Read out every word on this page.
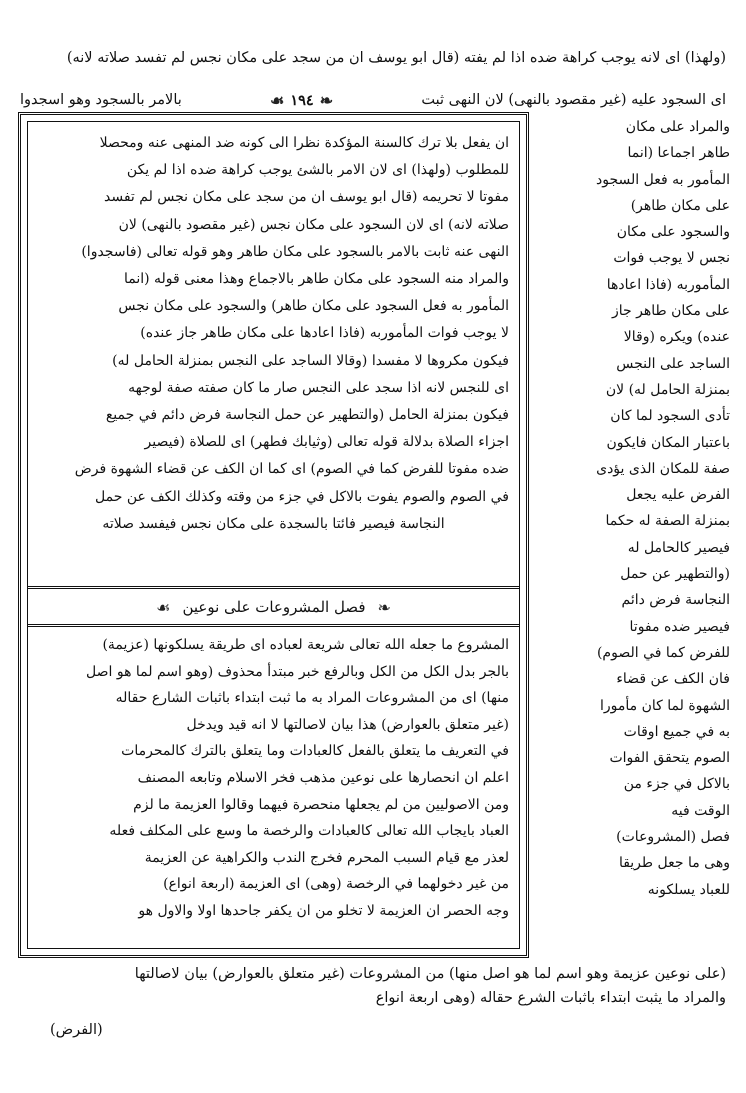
(ولهذا) اى لانه يوجب كراهة ضده اذا لم يفته (قال ابو يوسف ان من سجد على مكان نجس لم تفسد صلاته لانه)
اى السجود عليه (غير مقصود بالنهى) لان النهى ثبت
❧
١٩٤
☙
بالامر بالسجود وهو اسجدوا

ان يفعل بلا ترك كالسنة المؤكدة نظرا الى كونه ضد المنهى عنه ومحصلا

للمطلوب (ولهذا) اى لان الامر بالشئ يوجب كراهة ضده اذا لم يكن

مفوتا لا تحريمه (قال ابو يوسف ان من سجد على مكان نجس لم تفسد

صلاته لانه) اى لان السجود على مكان نجس (غير مقصود بالنهى) لان

النهى عنه ثابت بالامر بالسجود على مكان طاهر وهو قوله تعالى (فاسجدوا)

والمراد منه السجود على مكان طاهر بالاجماع وهذا معنى قوله (انما

المأمور به فعل السجود على مكان طاهر) والسجود على مكان نجس

لا يوجب فوات المأموربه (فاذا اعادها على مكان طاهر جاز عنده)

فيكون مكروها لا مفسدا (وقالا الساجد على النجس بمنزلة الحامل له)

اى للنجس لانه اذا سجد على النجس صار ما كان صفته صفة لوجهه

فيكون بمنزلة الحامل (والتطهير عن حمل النجاسة فرض دائم في جميع

اجزاء الصلاة بدلالة قوله تعالى (وثيابك فطهر) اى للصلاة (فيصير

ضده مفوتا للفرض كما في الصوم) اى كما ان الكف عن قضاء الشهوة فرض

في الصوم والصوم يفوت بالاكل في جزء من وقته وكذلك الكف عن حمل

النجاسة فيصير فائتا بالسجدة على مكان نجس فيفسد صلاته

❧
فصل المشروعات على نوعين
☙

المشروع ما جعله الله تعالى شريعة لعباده اى طريقة يسلكونها (عزيمة)

بالجر بدل الكل من الكل وبالرفع خبر مبتدأ محذوف (وهو اسم لما هو اصل

منها) اى من المشروعات المراد به ما ثبت ابتداء باثبات الشارع حقاله

(غير متعلق بالعوارض) هذا بيان لاصالتها لا انه قيد ويدخل

في التعريف ما يتعلق بالفعل كالعبادات وما يتعلق بالترك كالمحرمات

اعلم ان انحصارها على نوعين مذهب فخر الاسلام وتابعه المصنف

ومن الاصوليين من لم يجعلها منحصرة فيهما وقالوا العزيمة ما لزم

العباد بايجاب الله تعالى كالعبادات والرخصة ما وسع على المكلف فعله

لعذر مع قيام السبب المحرم فخرج الندب والكراهية عن العزيمة

من غير دخولهما في الرخصة (وهى) اى العزيمة (اربعة انواع)

وجه الحصر ان العزيمة لا تخلو من ان يكفر جاحدها اولا والاول هو

والمراد على مكان

طاهر اجماعا (انما

المأمور به فعل السجود

على مكان طاهر)

والسجود على مكان

نجس لا يوجب فوات

المأموربه (فاذا اعادها

على مكان طاهر جاز

عنده) ويكره (وقالا

الساجد على النجس

بمنزلة الحامل له) لان

تأدى السجود لما كان

باعتبار المكان فايكون

صفة للمكان الذى يؤدى

الفرض عليه يجعل

بمنزلة الصفة له حكما

فيصير كالحامل له

(والتطهير عن حمل

النجاسة فرض دائم

فيصير ضده مفوتا

للفرض كما في الصوم)

فان الكف عن قضاء

الشهوة لما كان مأمورا

به في جميع اوقات

الصوم يتحقق الفوات

بالاكل في جزء من

الوقت فيه

فصل (المشروعات)

وهى ما جعل طريقا

للعباد يسلكونه

(على نوعين عزيمة وهو اسم لما هو اصل منها) من المشروعات (غير متعلق بالعوارض) بيان لاصالتها

والمراد ما يثبت ابتداء باثبات الشرع حقاله (وهى اربعة انواع

(الفرض)
